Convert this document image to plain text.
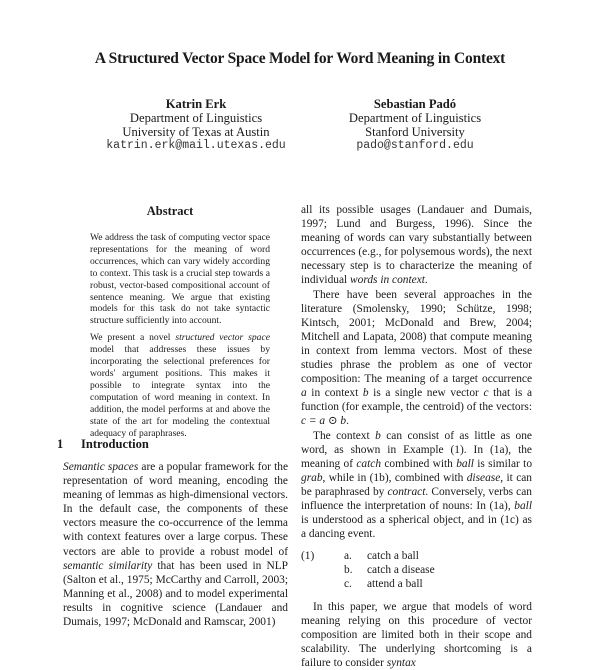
A Structured Vector Space Model for Word Meaning in Context
Katrin Erk
Department of Linguistics
University of Texas at Austin
katrin.erk@mail.utexas.edu
Sebastian Padó
Department of Linguistics
Stanford University
pado@stanford.edu
Abstract

We address the task of computing vector space representations for the meaning of word occurrences, which can vary widely according to context. This task is a crucial step towards a robust, vector-based compositional account of sentence meaning. We argue that existing models for this task do not take syntactic structure sufficiently into account.

We present a novel structured vector space model that addresses these issues by incorporating the selectional preferences for words' argument positions. This makes it possible to integrate syntax into the computation of word meaning in context. In addition, the model performs at and above the state of the art for modeling the contextual adequacy of paraphrases.

1 Introduction

Semantic spaces are a popular framework for the representation of word meaning, encoding the meaning of lemmas as high-dimensional vectors. In the default case, the components of these vectors measure the co-occurrence of the lemma with context features over a large corpus. These vectors are able to provide a robust model of semantic similarity that has been used in NLP (Salton et al., 1975; McCarthy and Carroll, 2003; Manning et al., 2008) and to model experimental results in cognitive science (Landauer and Dumais, 1997; McDonald and Ramscar, 2001)

all its possible usages (Landauer and Dumais, 1997; Lund and Burgess, 1996). Since the meaning of words can vary substantially between occurrences (e.g., for polysemous words), the next necessary step is to characterize the meaning of individual words in context.

There have been several approaches in the literature (Smolensky, 1990; Schütze, 1998; Kintsch, 2001; McDonald and Brew, 2004; Mitchell and Lapata, 2008) that compute meaning in context from lemma vectors. Most of these studies phrase the problem as one of vector composition: The meaning of a target occurrence a in context b is a single new vector c that is a function (for example, the centroid) of the vectors: c = a ⊙ b.

The context b can consist of as little as one word, as shown in Example (1). In (1a), the meaning of catch combined with ball is similar to grab, while in (1b), combined with disease, it can be paraphrased by contract. Conversely, verbs can influence the interpretation of nouns: In (1a), ball is understood as a spherical object, and in (1c) as a dancing event.

(1)	a.	catch a ball
b.	catch a disease
c.	attend a ball

In this paper, we argue that models of word meaning relying on this procedure of vector composition are limited both in their scope and scalability. The underlying shortcoming is a failure to consider syntax
